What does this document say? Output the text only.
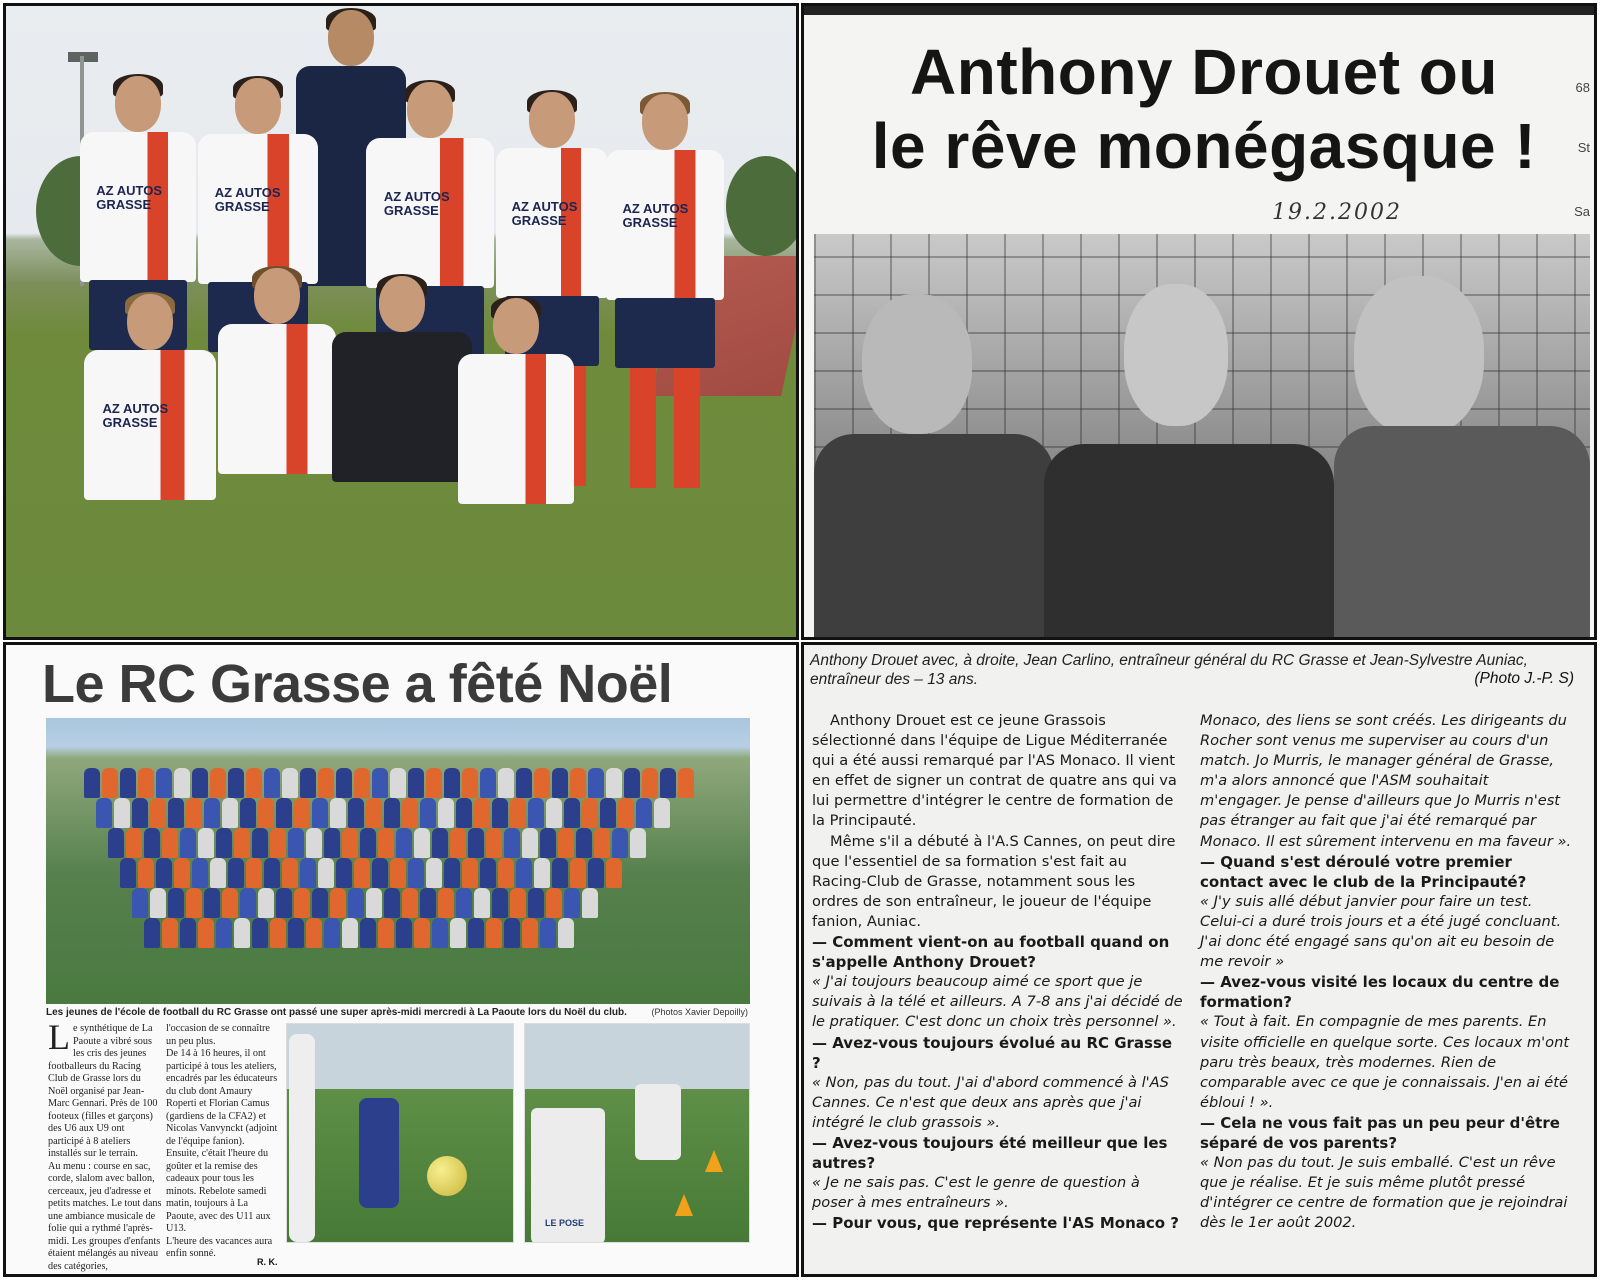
AZ AUTOS
GRASSE
AZ AUTOS
GRASSE
AZ AUTOS
GRASSE	AZ AUTOS
GRASSE
AZ AUTOS
GRASSE
AZ AUTOS
GRASSE
Anthony Drouet ou
le rêve monégasque !
19.2.2002
68
St
Sa
Le RC Grasse a fêté Noël
Les jeunes de l'école de football du RC Grasse ont passé une super après-midi mercredi à La Paoute lors du Noël du club.	(Photos Xavier Depoilly)

Le synthétique de La Paoute a vibré sous les cris des jeunes footballeurs du Racing Club de Grasse lors du Noël organisé par Jean-Marc Gennari. Près de 100 footeux (filles et garçons) des U6 aux U9 ont participé à 8 ateliers installés sur le terrain.

Au menu : course en sac, corde, slalom avec ballon, cerceaux, jeu d'adresse et petits matches. Le tout dans une ambiance musicale de folie qui a rythmé l'après-midi. Les groupes d'enfants étaient mélangés au niveau des catégories,

l'occasion de se connaître un peu plus.

De 14 à 16 heures, il ont participé à tous les ateliers, encadrés par les éducateurs du club dont Amaury Roperti et Florian Camus (gardiens de la CFA2) et Nicolas Vanvynckt (adjoint de l'équipe fanion).

Ensuite, c'était l'heure du goûter et la remise des cadeaux pour tous les minots. Rebelote samedi matin, toujours à La Paoute, avec des U11 aux U13.

L'heure des vacances aura enfin sonné.

R. K.
LE POSE
Anthony Drouet avec, à droite, Jean Carlino, entraîneur général du RC Grasse et Jean-Sylvestre Auniac, entraîneur des – 13 ans.	(Photo J.-P. S)

Anthony Drouet est ce jeune Grassois sélectionné dans l'équipe de Ligue Méditerranée qui a été aussi remarqué par l'AS Monaco. Il vient en effet de signer un contrat de quatre ans qui va lui permettre d'intégrer le centre de formation de la Principauté.

Même s'il a débuté à l'A.S Cannes, on peut dire que l'essentiel de sa formation s'est fait au Racing-Club de Grasse, notamment sous les ordres de son entraîneur, le joueur de l'équipe fanion, Auniac.

— Comment vient-on au football quand on s'appelle Anthony Drouet?

« J'ai toujours beaucoup aimé ce sport que je suivais à la télé et ailleurs. A 7-8 ans j'ai décidé de le pratiquer. C'est donc un choix très personnel ».

— Avez-vous toujours évolué au RC Grasse ?

« Non, pas du tout. J'ai d'abord commencé à l'AS Cannes. Ce n'est que deux ans après que j'ai intégré le club grassois ».

— Avez-vous toujours été meilleur que les autres?

« Je ne sais pas. C'est le genre de question à poser à mes entraîneurs ».

— Pour vous, que représente l'AS Monaco ?

Monaco, des liens se sont créés. Les dirigeants du Rocher sont venus me superviser au cours d'un match. Jo Murris, le manager général de Grasse, m'a alors annoncé que l'ASM souhaitait m'engager. Je pense d'ailleurs que Jo Murris n'est pas étranger au fait que j'ai été remarqué par Monaco. Il est sûrement intervenu en ma faveur ».

— Quand s'est déroulé votre premier contact avec le club de la Principauté?

« J'y suis allé début janvier pour faire un test. Celui-ci a duré trois jours et a été jugé concluant. J'ai donc été engagé sans qu'on ait eu besoin de me revoir »

— Avez-vous visité les locaux du centre de formation?

« Tout à fait. En compagnie de mes parents. En visite officielle en quelque sorte. Ces locaux m'ont paru très beaux, très modernes. Rien de comparable avec ce que je connaissais. J'en ai été ébloui ! ».

— Cela ne vous fait pas un peu peur d'être séparé de vos parents?

« Non pas du tout. Je suis emballé. C'est un rêve que je réalise. Et je suis même plutôt pressé d'intégrer ce centre de formation que je rejoindrai dès le 1er août 2002.
